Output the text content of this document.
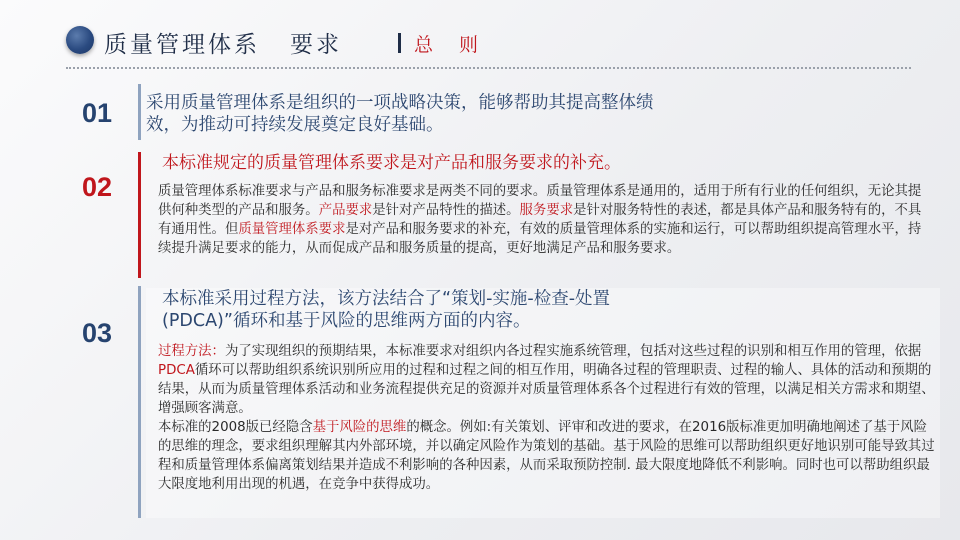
质量管理体系 要求	总 则
01 采用质量管理体系是组织的一项战略决策，能够帮助其提高整体绩效，为推动可持续发展奠定良好基础。
02
本标准规定的质量管理体系要求是对产品和服务要求的补充。
质量管理体系标准要求与产品和服务标准要求是两类不同的要求。质量管理体系是通用的，适用于所有行业的任何组织，无论其提供何种类型的产品和服务。产品要求是针对产品特性的描述。服务要求是针对服务特性的表述，都是具体产品和服务特有的，不具有通用性。但质量管理体系要求是对产品和服务要求的补充，有效的质量管理体系的实施和运行，可以帮助组织提高管理水平，持续提升满足要求的能力，从而促成产品和服务质量的提高，更好地满足产品和服务要求。
03
本标准采用过程方法，该方法结合了“策划-实施-检查-处置
(PDCA)”循环和基于风险的思维两方面的内容。
过程方法：为了实现组织的预期结果，本标准要求对组织内各过程实施系统管理，包括对这些过程的识别和相互作用的管理，依据PDCA循环可以帮助组织系统识别所应用的过程和过程之间的相互作用，明确各过程的管理职责、过程的输人、具体的活动和预期的结果，从而为质量管理体系活动和业务流程提供充足的资源并对质量管理体系各个过程进行有效的管理，以满足相关方需求和期望、增强顾客满意。
本标准的2008版已经隐含基于风险的思维的概念。例如:有关策划、评审和改进的要求，在2016版标准更加明确地阐述了基于风险的思维的理念，要求组织理解其内外部环境，并以确定风险作为策划的基础。基于风险的思维可以帮助组织更好地识别可能导致其过程和质量管理体系偏离策划结果并造成不利影响的各种因素，从而采取预防控制. 最大限度地降低不利影响。同时也可以帮助组织最大限度地利用出现的机遇，在竞争中获得成功。
